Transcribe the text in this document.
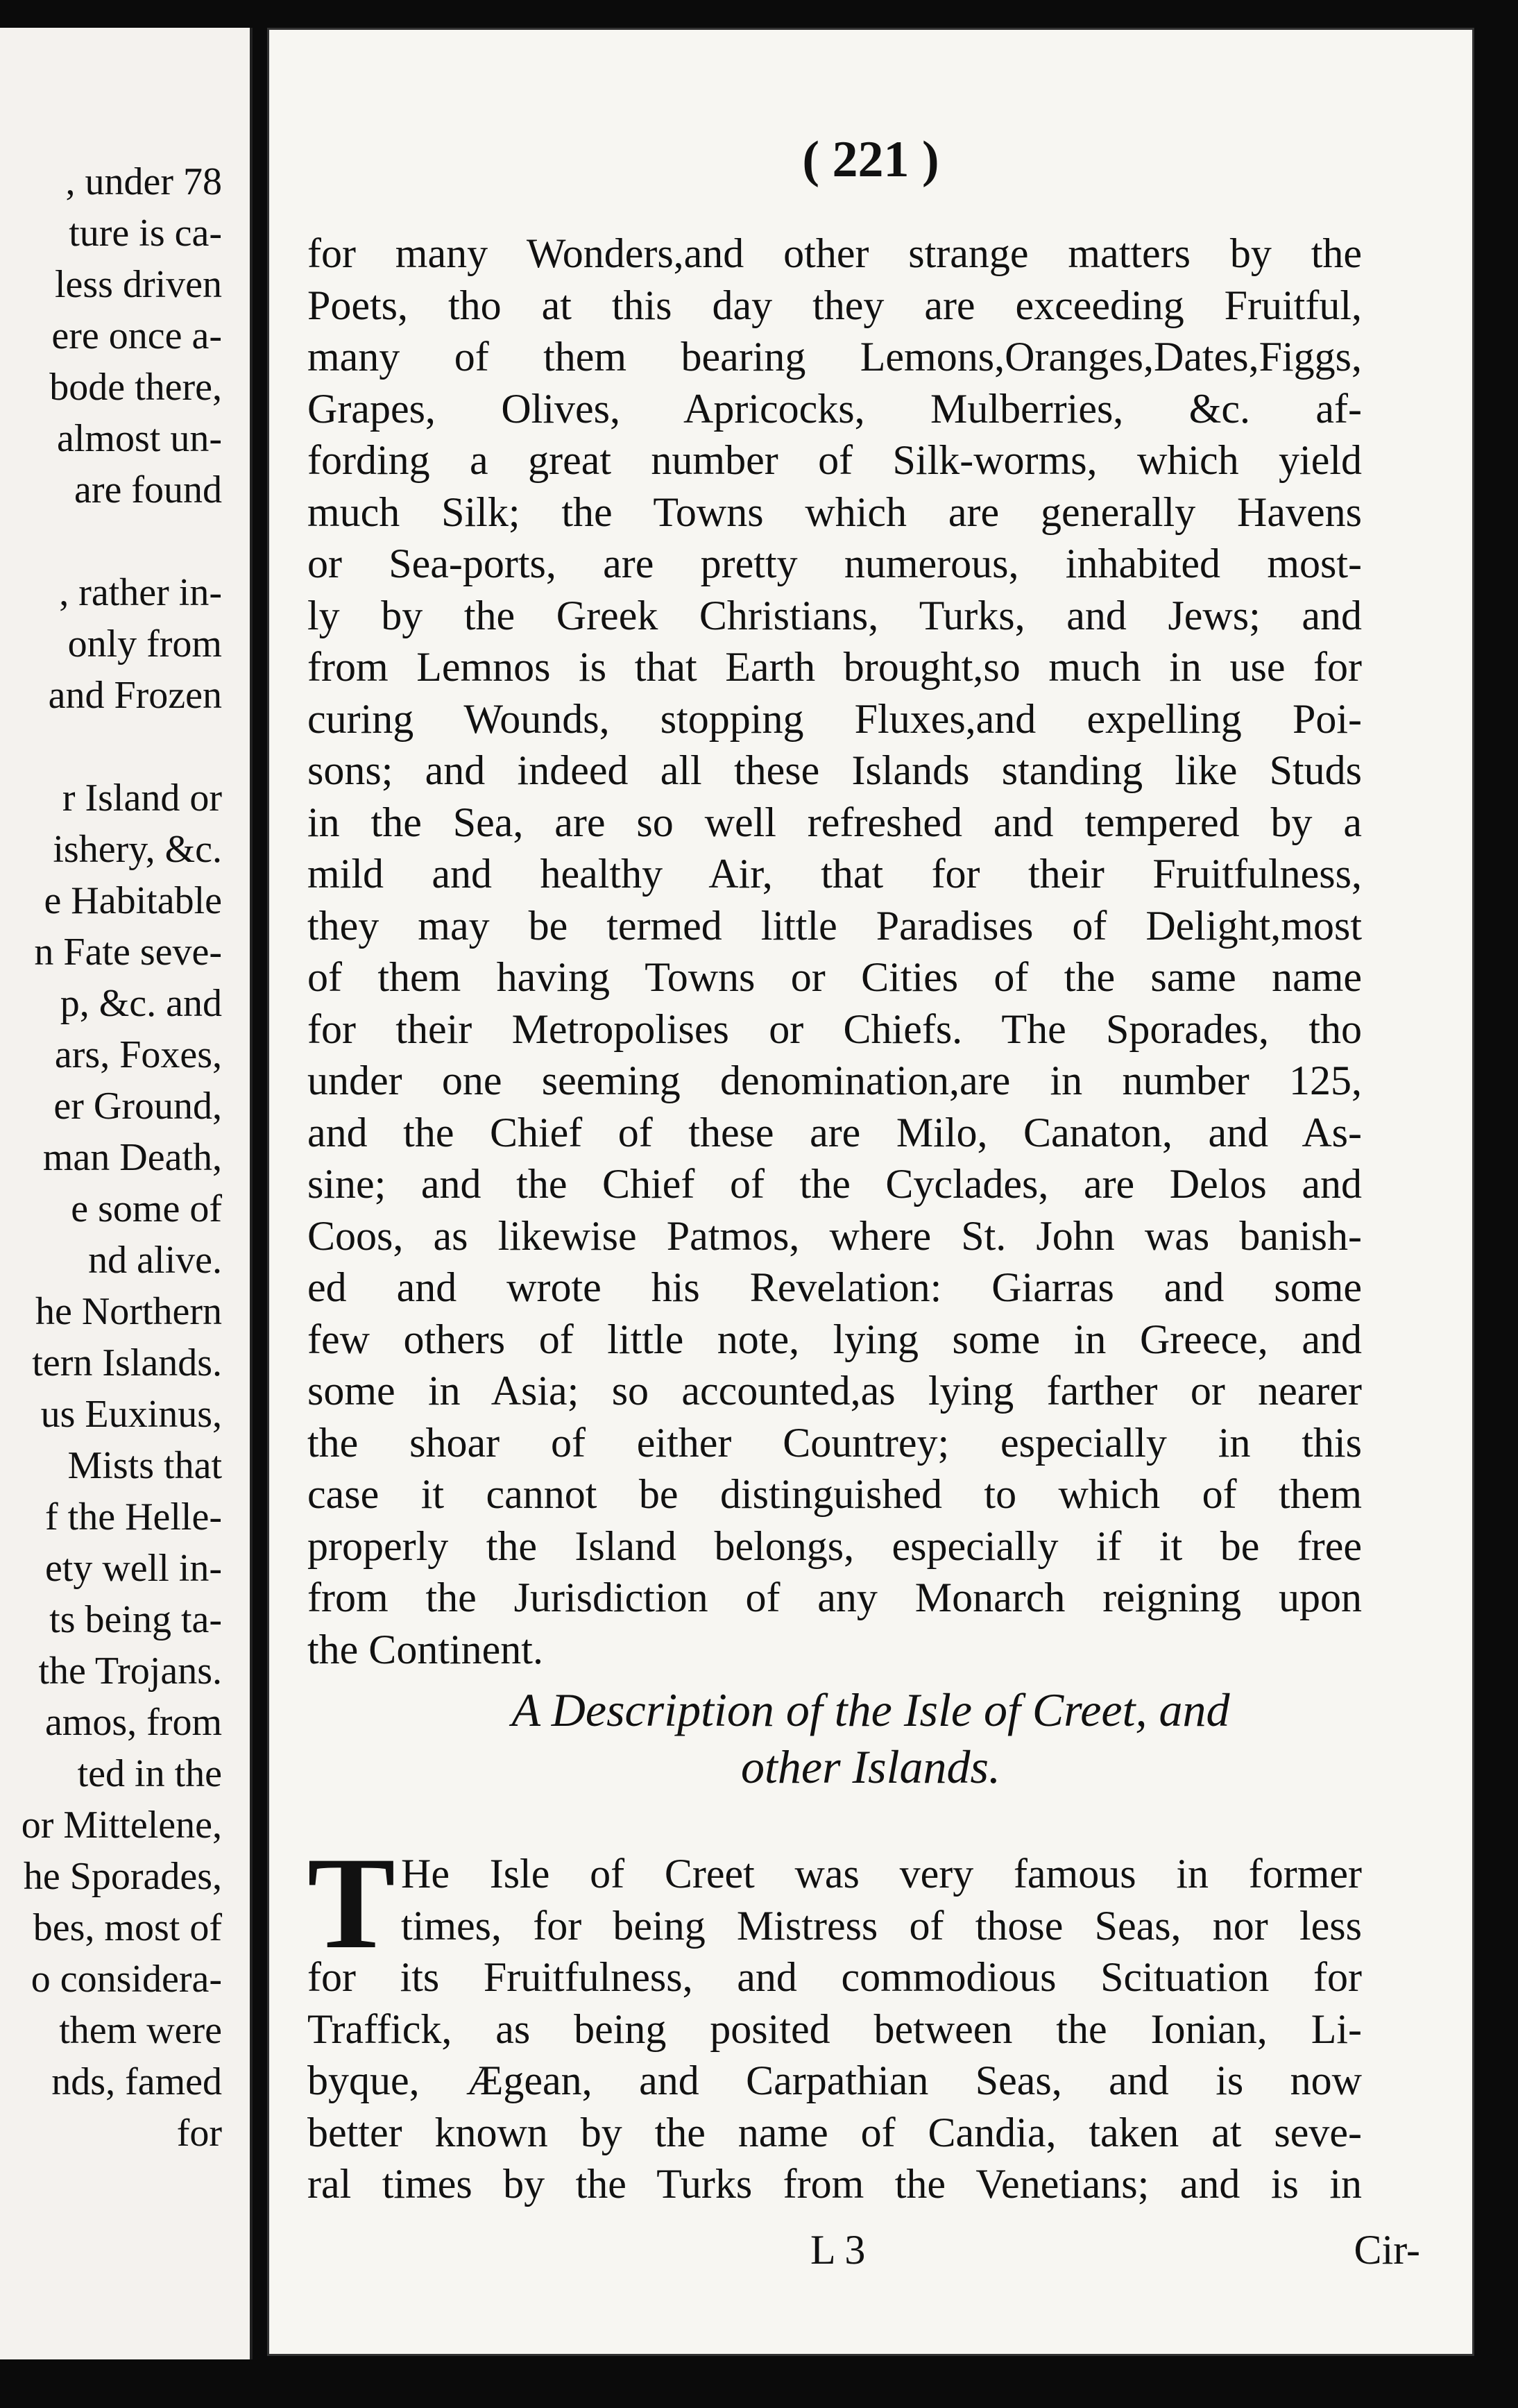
, under 78
ture is ca-
less driven
ere once a-
bode there,
almost un-
are found
, rather in-
only from
and Frozen
r Island or
ishery, &c.
e Habitable
n Fate seve-
p, &c. and
ars, Foxes,
er Ground,
man Death,
e some of
nd alive.
he Northern
tern Islands.
us Euxinus,
Mists that
f the Helle-
ety well in-
ts being ta-
the Trojans.
amos, from
ted in the
or Mittelene,
he Sporades,
bes, most of
o considera-
them were
nds, famed
for
( 221 )
for many Wonders,and other strange matters by the
Poets, tho at this day they are exceeding Fruitful,
many of them bearing Lemons,Oranges,Dates,Figgs,
Grapes, Olives, Apricocks, Mulberries, &c. af-
fording a great number of Silk-worms, which yield
much Silk; the Towns which are generally Havens
or Sea-ports, are pretty numerous, inhabited most-
ly by the Greek Christians, Turks, and Jews; and
from Lemnos is that Earth brought,so much in use for
curing Wounds, stopping Fluxes,and expelling Poi-
sons; and indeed all these Islands standing like Studs
in the Sea, are so well refreshed and tempered by a
mild and healthy Air, that for their Fruitfulness,
they may be termed little Paradises of Delight,most
of them having Towns or Cities of the same name
for their Metropolises or Chiefs. The Sporades, tho
under one seeming denomination,are in number 125,
and the Chief of these are Milo, Canaton, and As-
sine; and the Chief of the Cyclades, are Delos and
Coos, as likewise Patmos, where St. John was banish-
ed and wrote his Revelation: Giarras and some
few others of little note, lying some in Greece, and
some in Asia; so accounted,as lying farther or nearer
the shoar of either Countrey; especially in this
case it cannot be distinguished to which of them
properly the Island belongs, especially if it be free
from the Jurisdiction of any Monarch reigning upon
the Continent.
A Description of the Isle of Creet, and
other Islands.
T He Isle of Creet was very famous in former
times, for being Mistress of those Seas, nor less
for its Fruitfulness, and commodious Scituation for
Traffick, as being posited between the Ionian, Li-
byque, Ægean, and Carpathian Seas, and is now
better known by the name of Candia, taken at seve-
ral times by the Turks from the Venetians; and is in
L 3	Cir-
